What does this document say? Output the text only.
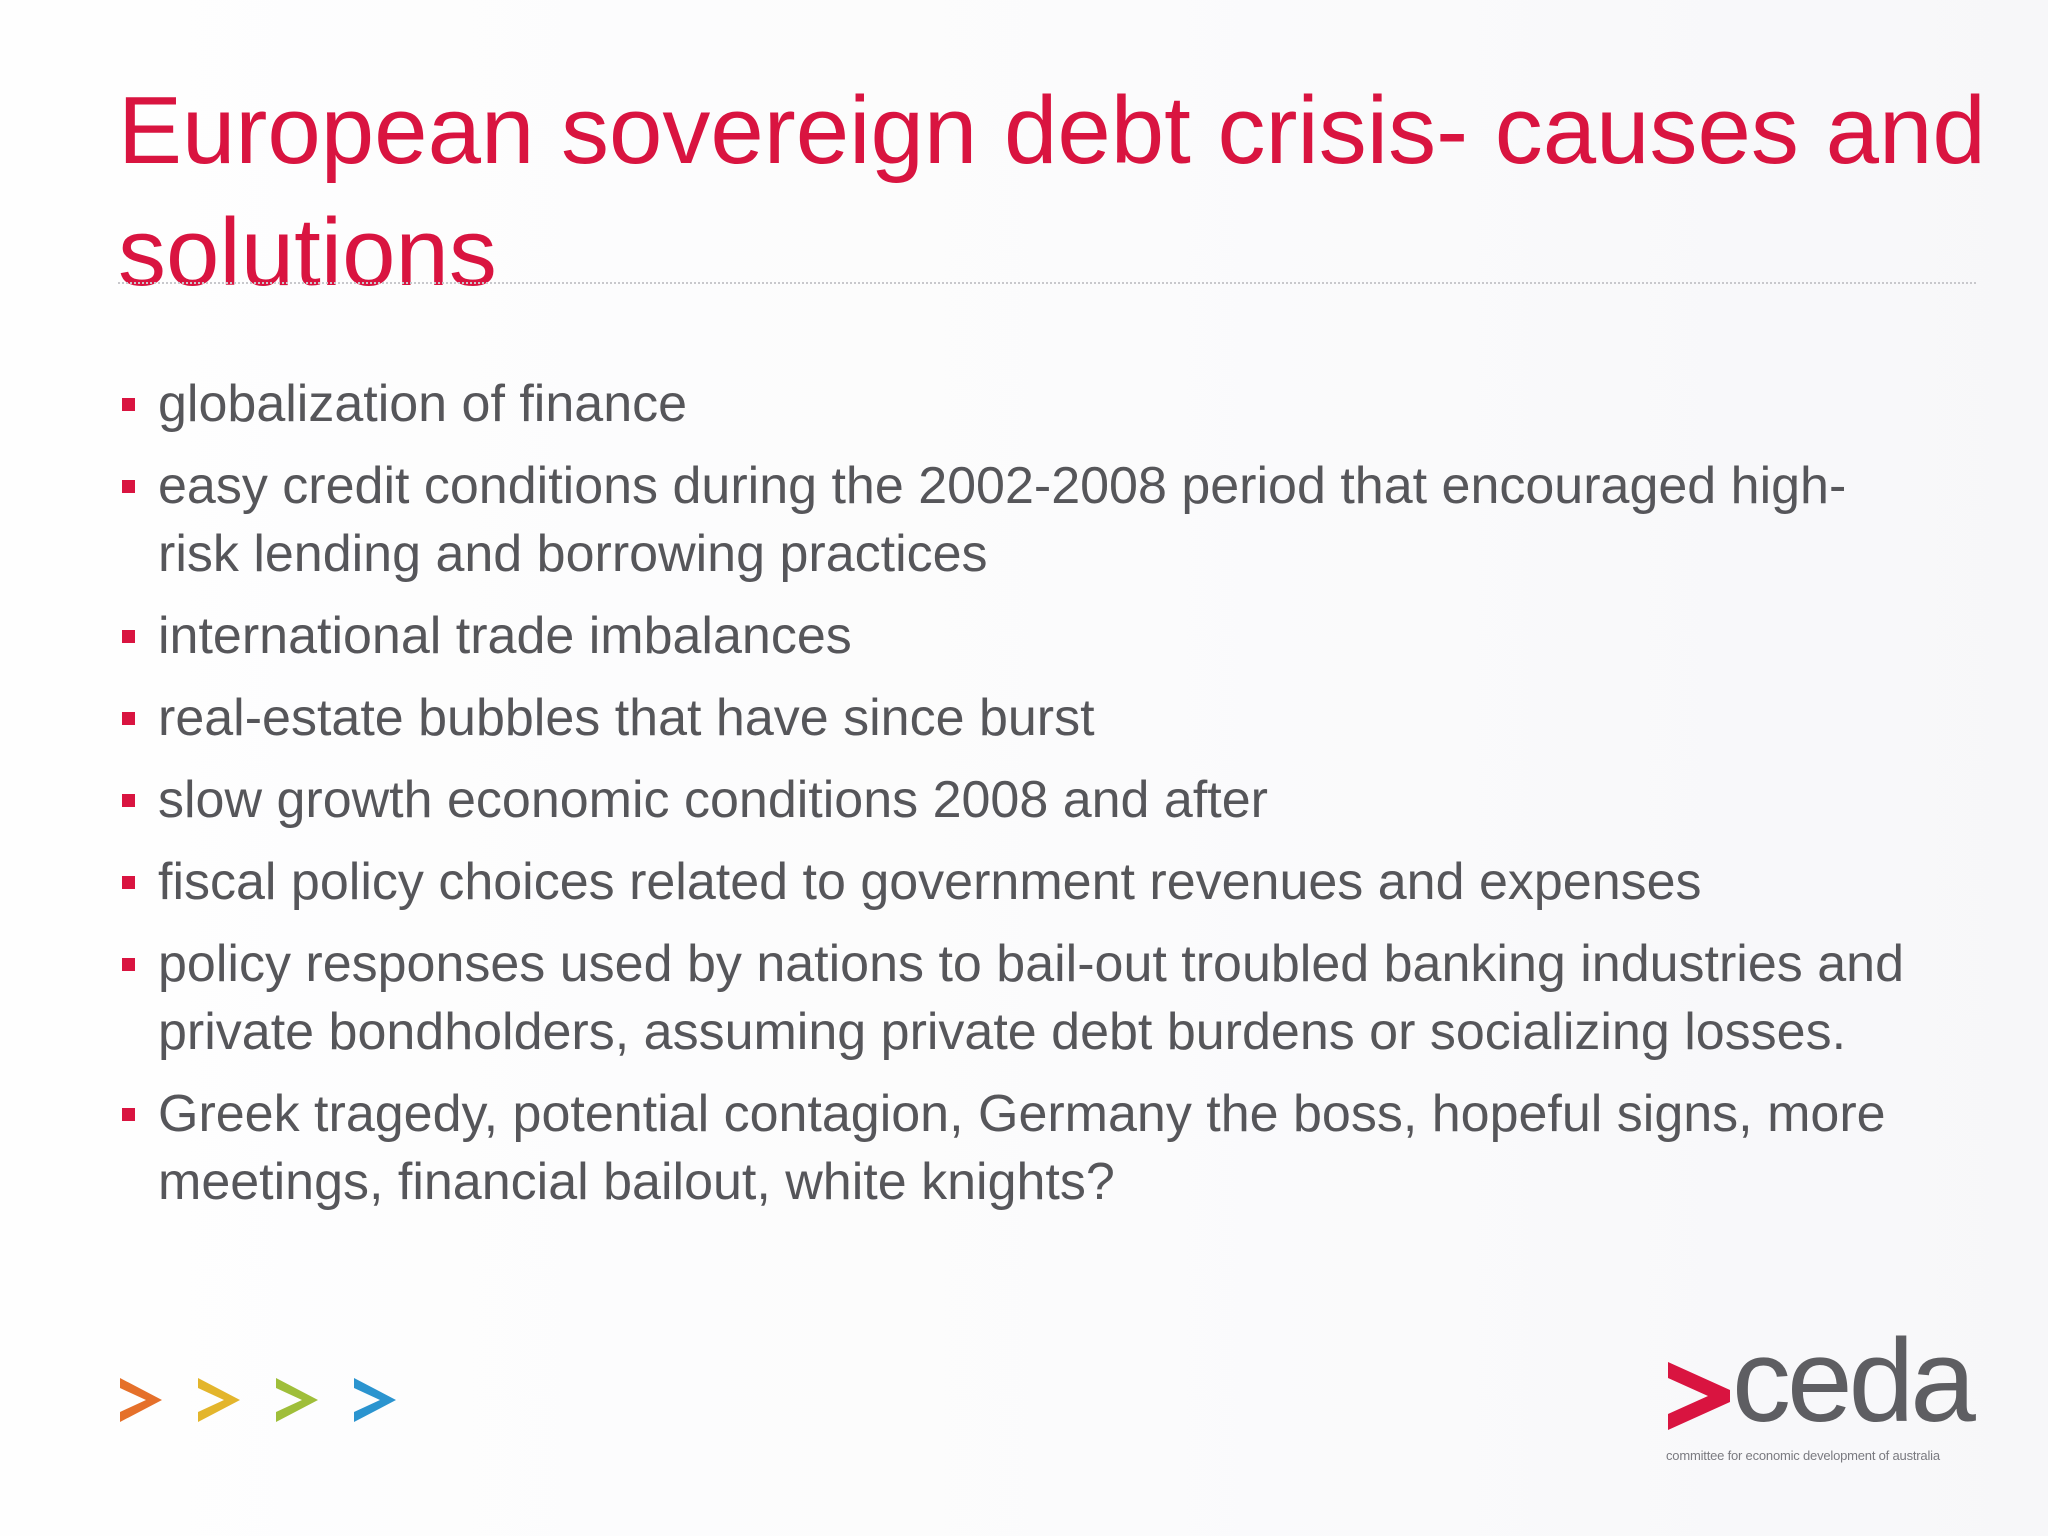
European sovereign debt crisis- causes and solutions
globalization of finance
easy credit conditions during the 2002-2008 period that encouraged high-risk lending and borrowing practices
international trade imbalances
real-estate bubbles that have since burst
slow growth economic conditions 2008 and after
fiscal policy choices related to government revenues and expenses
policy responses used by nations to bail-out troubled banking industries and private bondholders, assuming private debt burdens or socializing losses.
Greek tragedy, potential contagion, Germany the boss, hopeful signs, more meetings, financial bailout, white knights?
ceda
committee for economic development of australia
